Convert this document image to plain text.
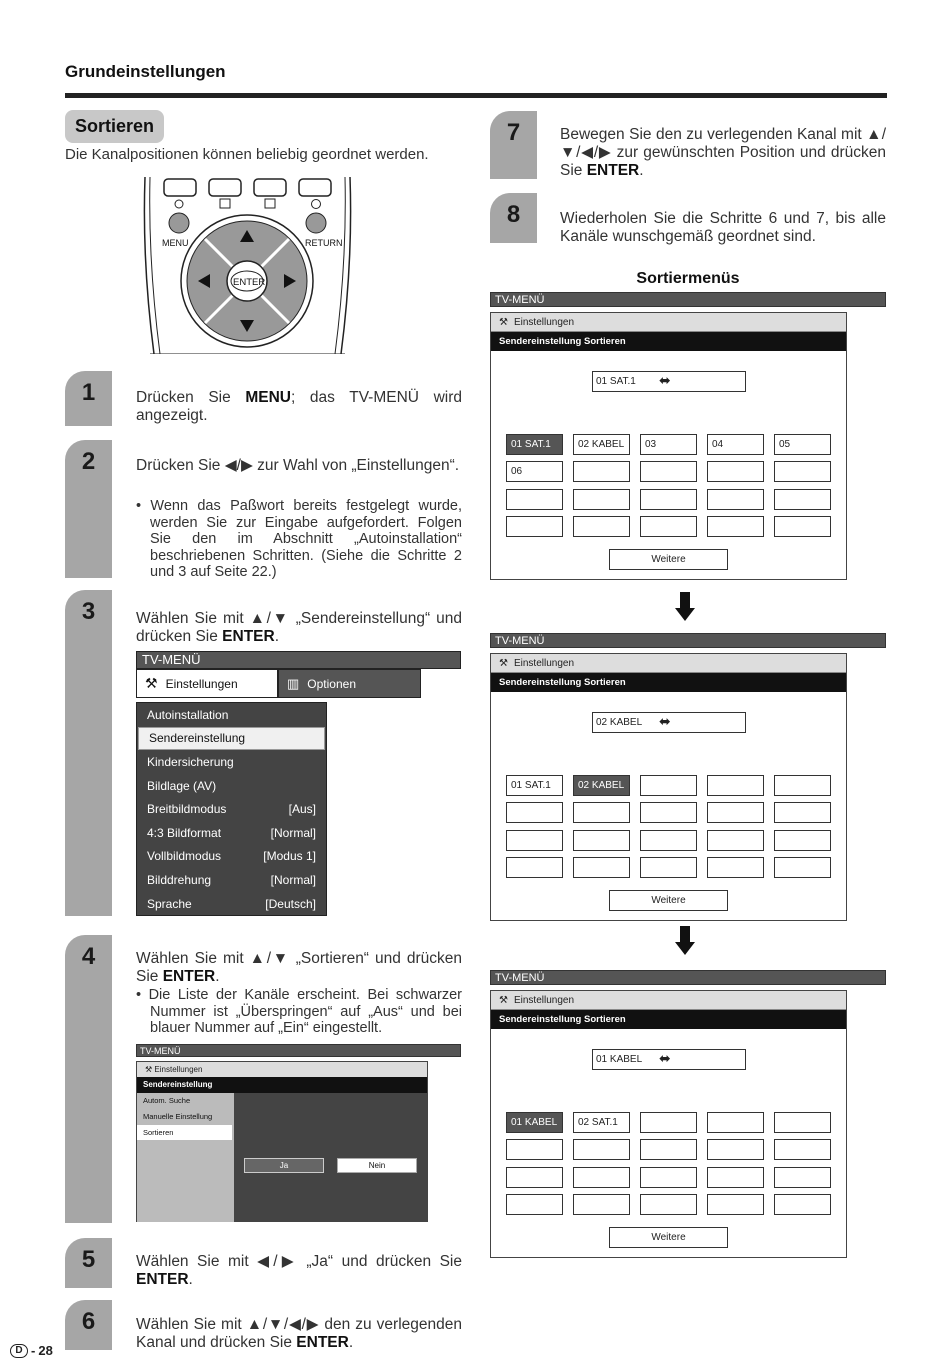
Grundeinstellungen
Sortieren
Die Kanalpositionen können beliebig geordnet werden.
MENU	RETURN
ENTER
1	Drücken Sie MENU; das TV-MENÜ wird angezeigt.
2	Drücken Sie ◀/▶ zur Wahl von „Einstellungen“.
• Wenn das Paßwort bereits festgelegt wurde, werden Sie zur Eingabe aufgefordert. Folgen Sie den im Abschnitt „Autoinstallation“ beschriebenen Schritten. (Siehe die Schritte 2 und 3 auf Seite 22.)
3	Wählen Sie mit ▲/▼ „Sendereinstellung“ und drücken Sie ENTER.
TV-MENÜ
⚒ Einstellungen	▥ Optionen
Autoinstallation
Sendereinstellung
Kindersicherung
Bildlage (AV)
Breitbildmodus	[Aus]
4:3 Bildformat	[Normal]
Vollbildmodus	[Modus 1]
Bilddrehung	[Normal]
Sprache	[Deutsch]
4	Wählen Sie mit ▲/▼ „Sortieren“ und drücken Sie ENTER.
• Die Liste der Kanäle erscheint. Bei schwarzer Nummer ist „Überspringen“ auf „Aus“ und bei blauer Nummer auf „Ein“ eingestellt.
TV-MENÜ
⚒ Einstellungen
Sendereinstellung
Autom. Suche
Manuelle Einstellung
Sortieren
Ja	Nein
5	Wählen Sie mit ◀/▶ „Ja“ und drücken Sie ENTER.
6	Wählen Sie mit ▲/▼/◀/▶ den zu verlegenden Kanal und drücken Sie ENTER.
7	Bewegen Sie den zu verlegenden Kanal mit ▲/▼/◀/▶ zur gewünschten Position und drücken Sie ENTER.
8	Wiederholen Sie die Schritte 6 und 7, bis alle Kanäle wunschgemäß geordnet sind.
Sortiermenüs
TV-MENÜ
⚒ Einstellungen
Sendereinstellung Sortieren
01 SAT.1 ⬌
01 SAT.1	02 KABEL	03	04	05
06
Weitere
TV-MENÜ
⚒ Einstellungen
Sendereinstellung Sortieren
02 KABEL ⬌
01 SAT.1	02 KABEL
Weitere
TV-MENÜ
⚒ Einstellungen
Sendereinstellung Sortieren
01 KABEL ⬌
01 KABEL	02 SAT.1
Weitere
D - 28
